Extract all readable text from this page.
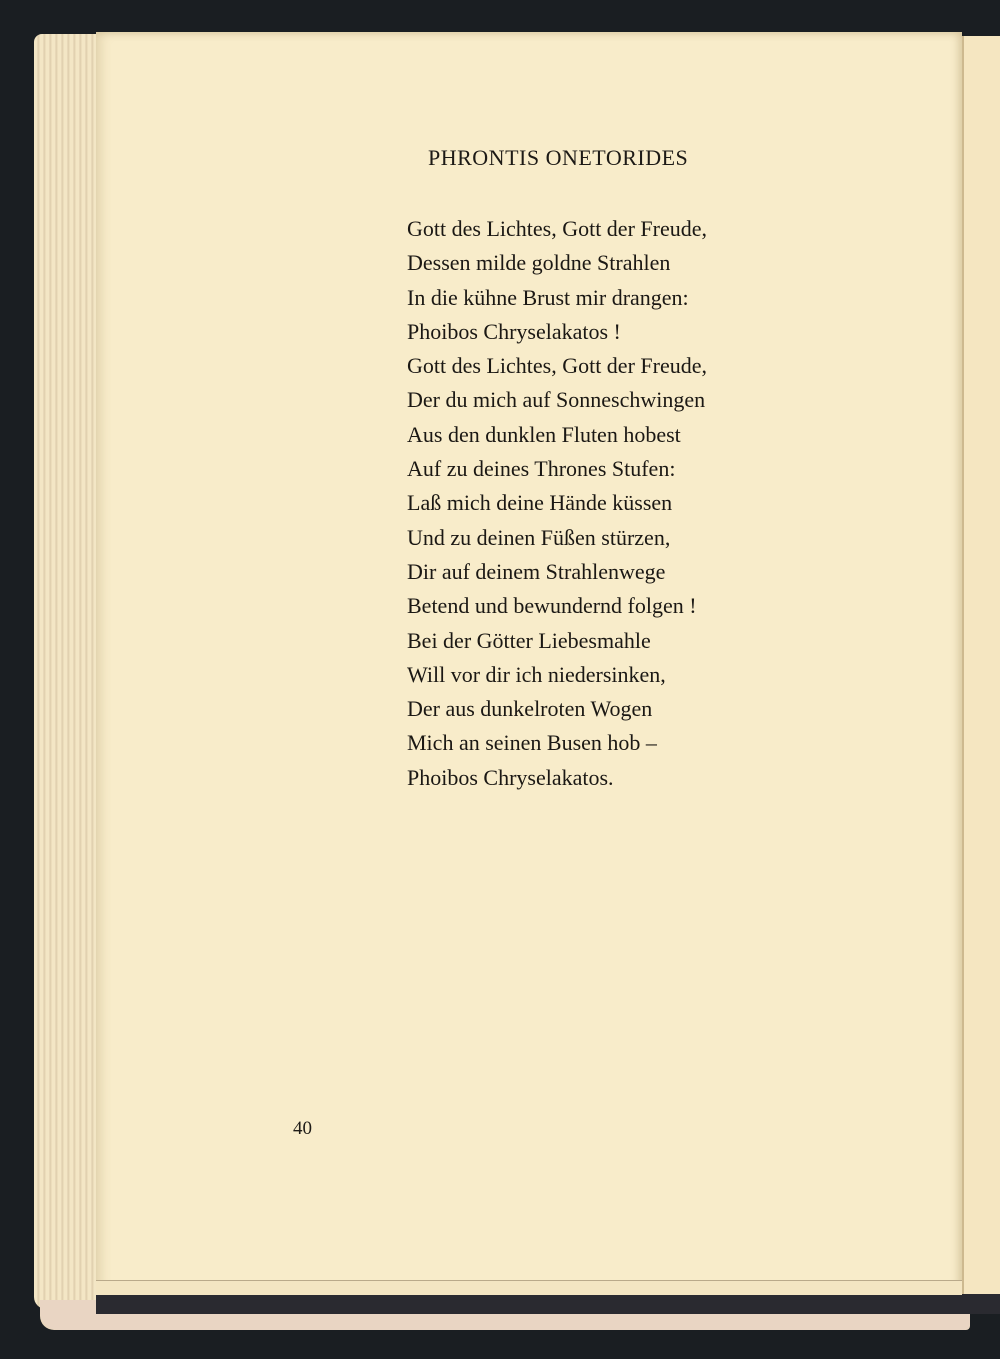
PHRONTIS ONETORIDES
Gott des Lichtes, Gott der Freude,
Dessen milde goldne Strahlen
In die kühne Brust mir drangen:
Phoibos Chryselakatos !
Gott des Lichtes, Gott der Freude,
Der du mich auf Sonneschwingen
Aus den dunklen Fluten hobest
Auf zu deines Thrones Stufen:
Laß mich deine Hände küssen
Und zu deinen Füßen stürzen,
Dir auf deinem Strahlenwege
Betend und bewundernd folgen !
Bei der Götter Liebesmahle
Will vor dir ich niedersinken,
Der aus dunkelroten Wogen
Mich an seinen Busen hob –
Phoibos Chryselakatos.
40
